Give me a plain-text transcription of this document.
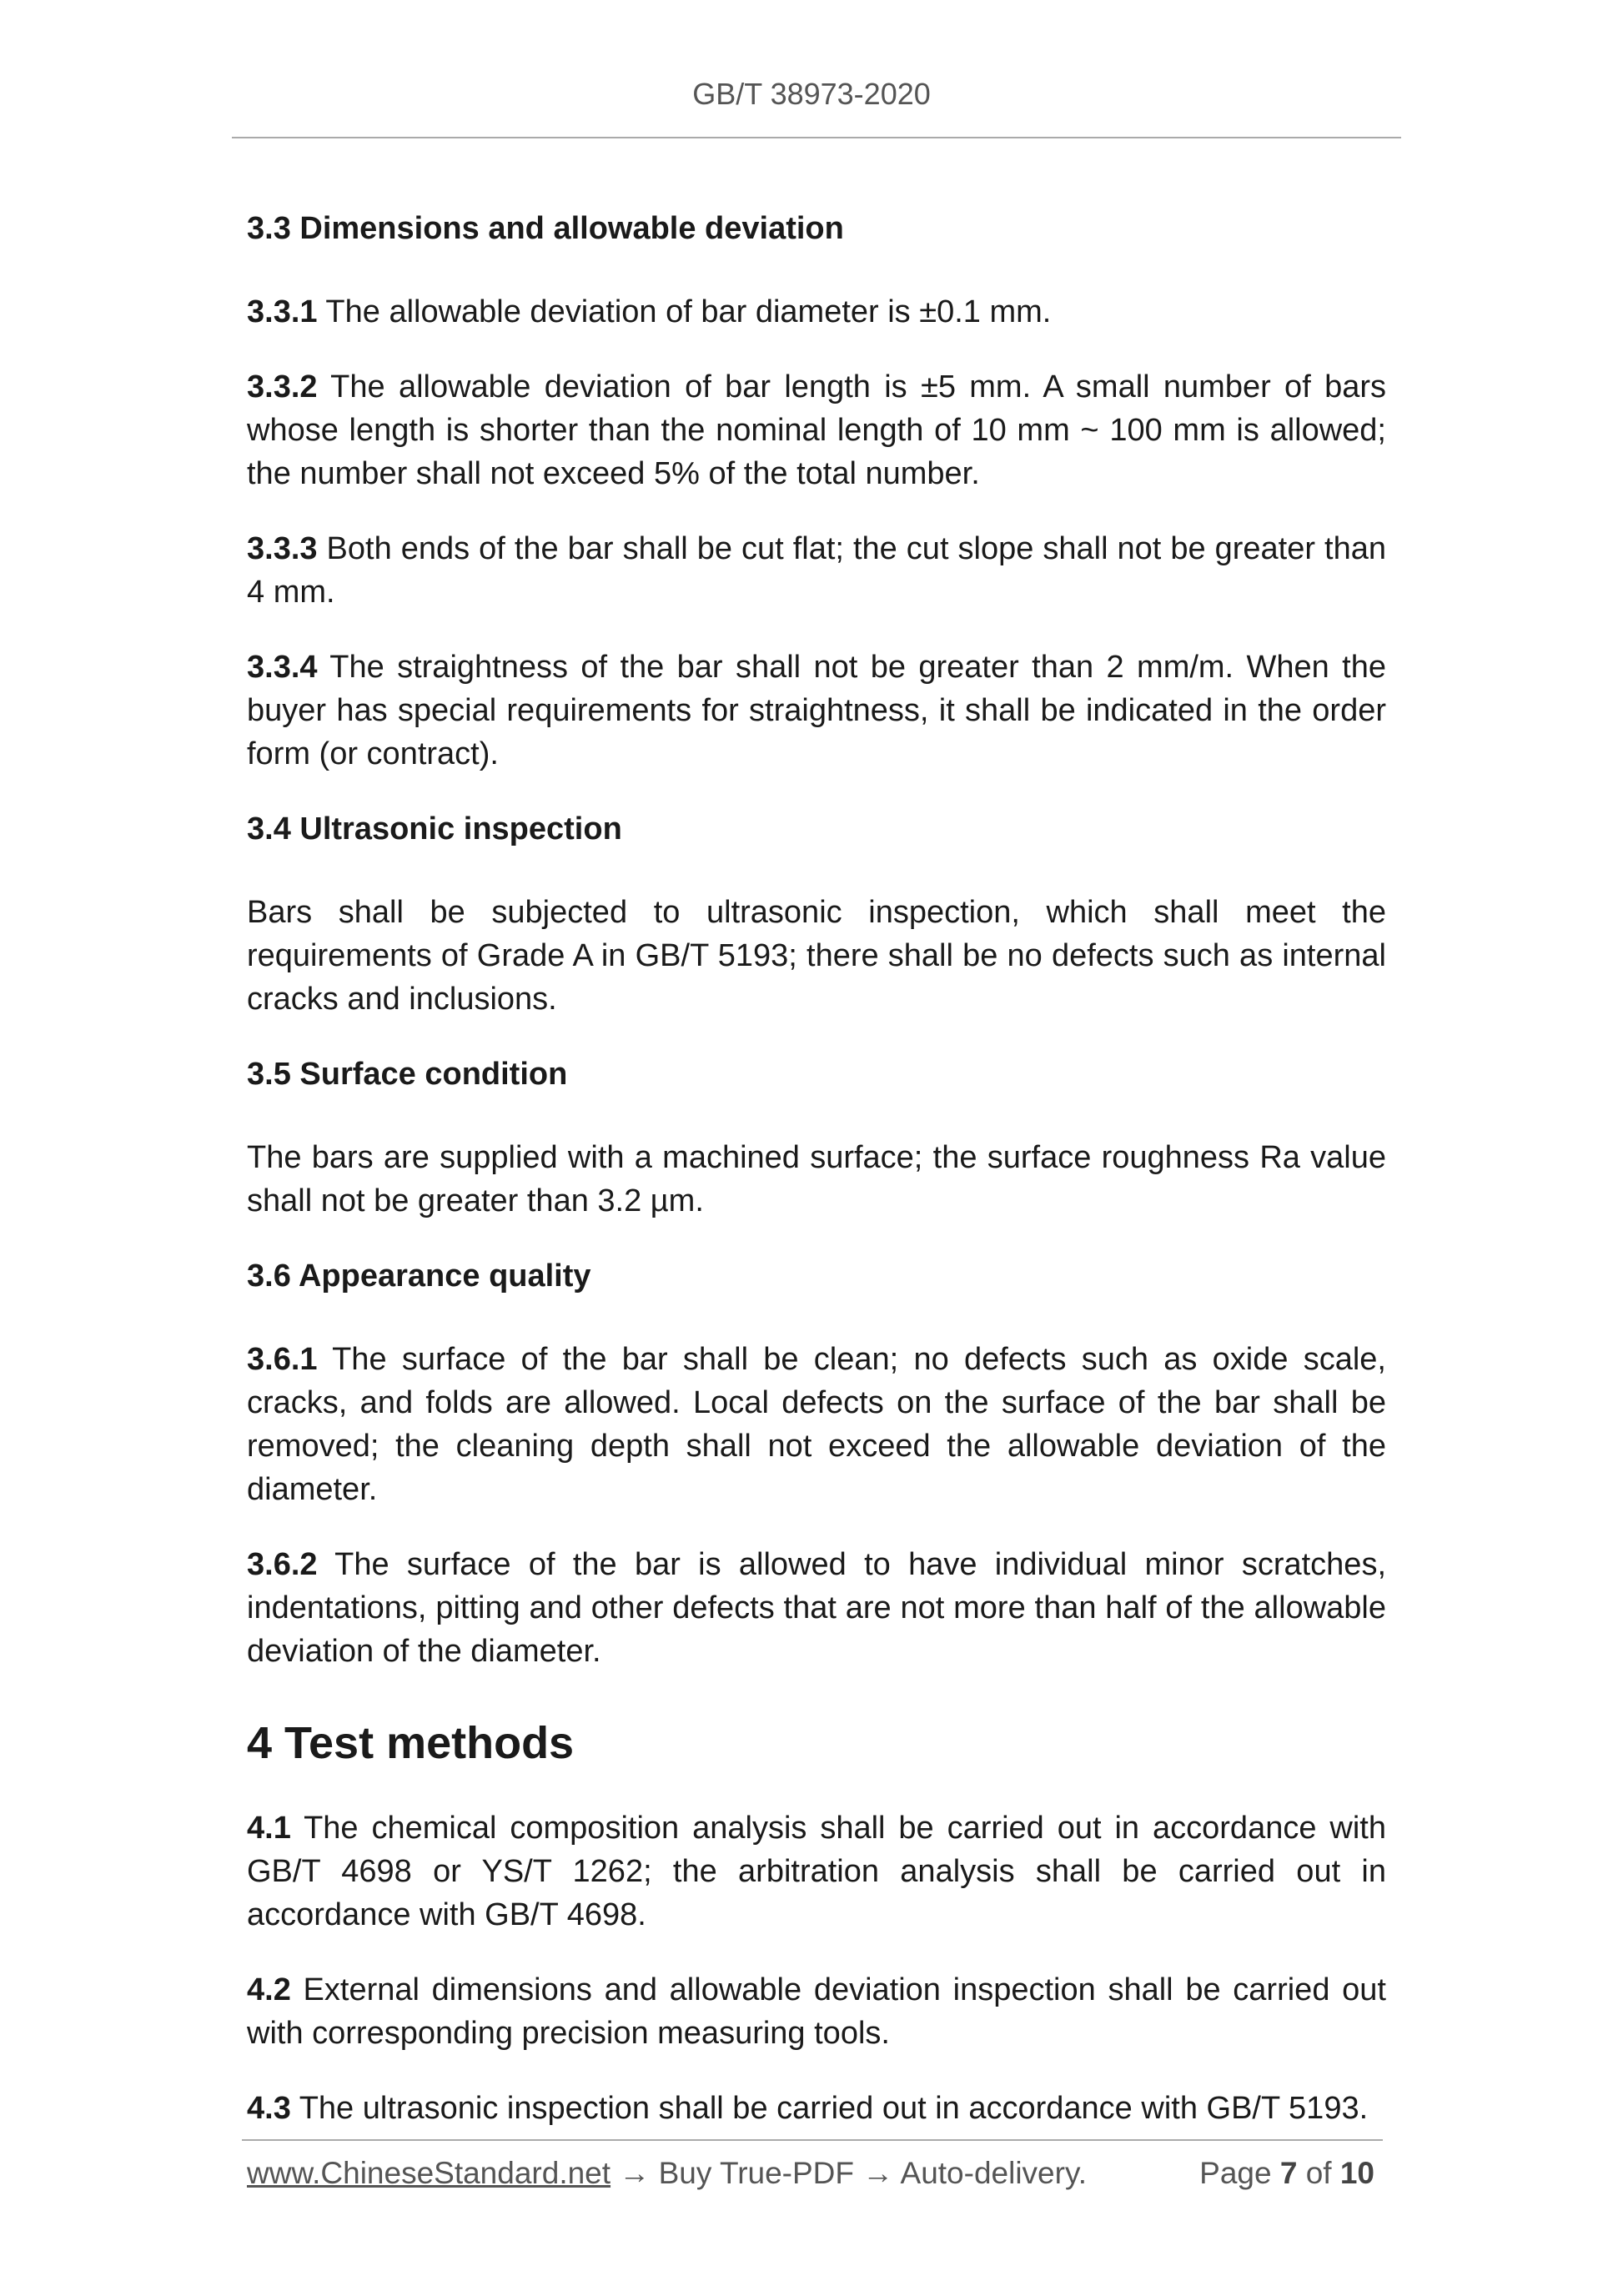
GB/T 38973-2020
3.3 Dimensions and allowable deviation

3.3.1 The allowable deviation of bar diameter is ±0.1 mm.

3.3.2 The allowable deviation of bar length is ±5 mm. A small number of bars whose length is shorter than the nominal length of 10 mm ~ 100 mm is allowed; the number shall not exceed 5% of the total number.

3.3.3 Both ends of the bar shall be cut flat; the cut slope shall not be greater than 4 mm.

3.3.4 The straightness of the bar shall not be greater than 2 mm/m. When the buyer has special requirements for straightness, it shall be indicated in the order form (or contract).

3.4 Ultrasonic inspection

Bars shall be subjected to ultrasonic inspection, which shall meet the requirements of Grade A in GB/T 5193; there shall be no defects such as internal cracks and inclusions.

3.5 Surface condition

The bars are supplied with a machined surface; the surface roughness Ra value shall not be greater than 3.2 µm.

3.6 Appearance quality

3.6.1 The surface of the bar shall be clean; no defects such as oxide scale, cracks, and folds are allowed. Local defects on the surface of the bar shall be removed; the cleaning depth shall not exceed the allowable deviation of the diameter.

3.6.2 The surface of the bar is allowed to have individual minor scratches, indentations, pitting and other defects that are not more than half of the allowable deviation of the diameter.

4 Test methods

4.1 The chemical composition analysis shall be carried out in accordance with GB/T 4698 or YS/T 1262; the arbitration analysis shall be carried out in accordance with GB/T 4698.

4.2 External dimensions and allowable deviation inspection shall be carried out with corresponding precision measuring tools.

4.3 The ultrasonic inspection shall be carried out in accordance with GB/T 5193.

www.ChineseStandard.net → Buy True-PDF → Auto-delivery.	Page 7 of 10
